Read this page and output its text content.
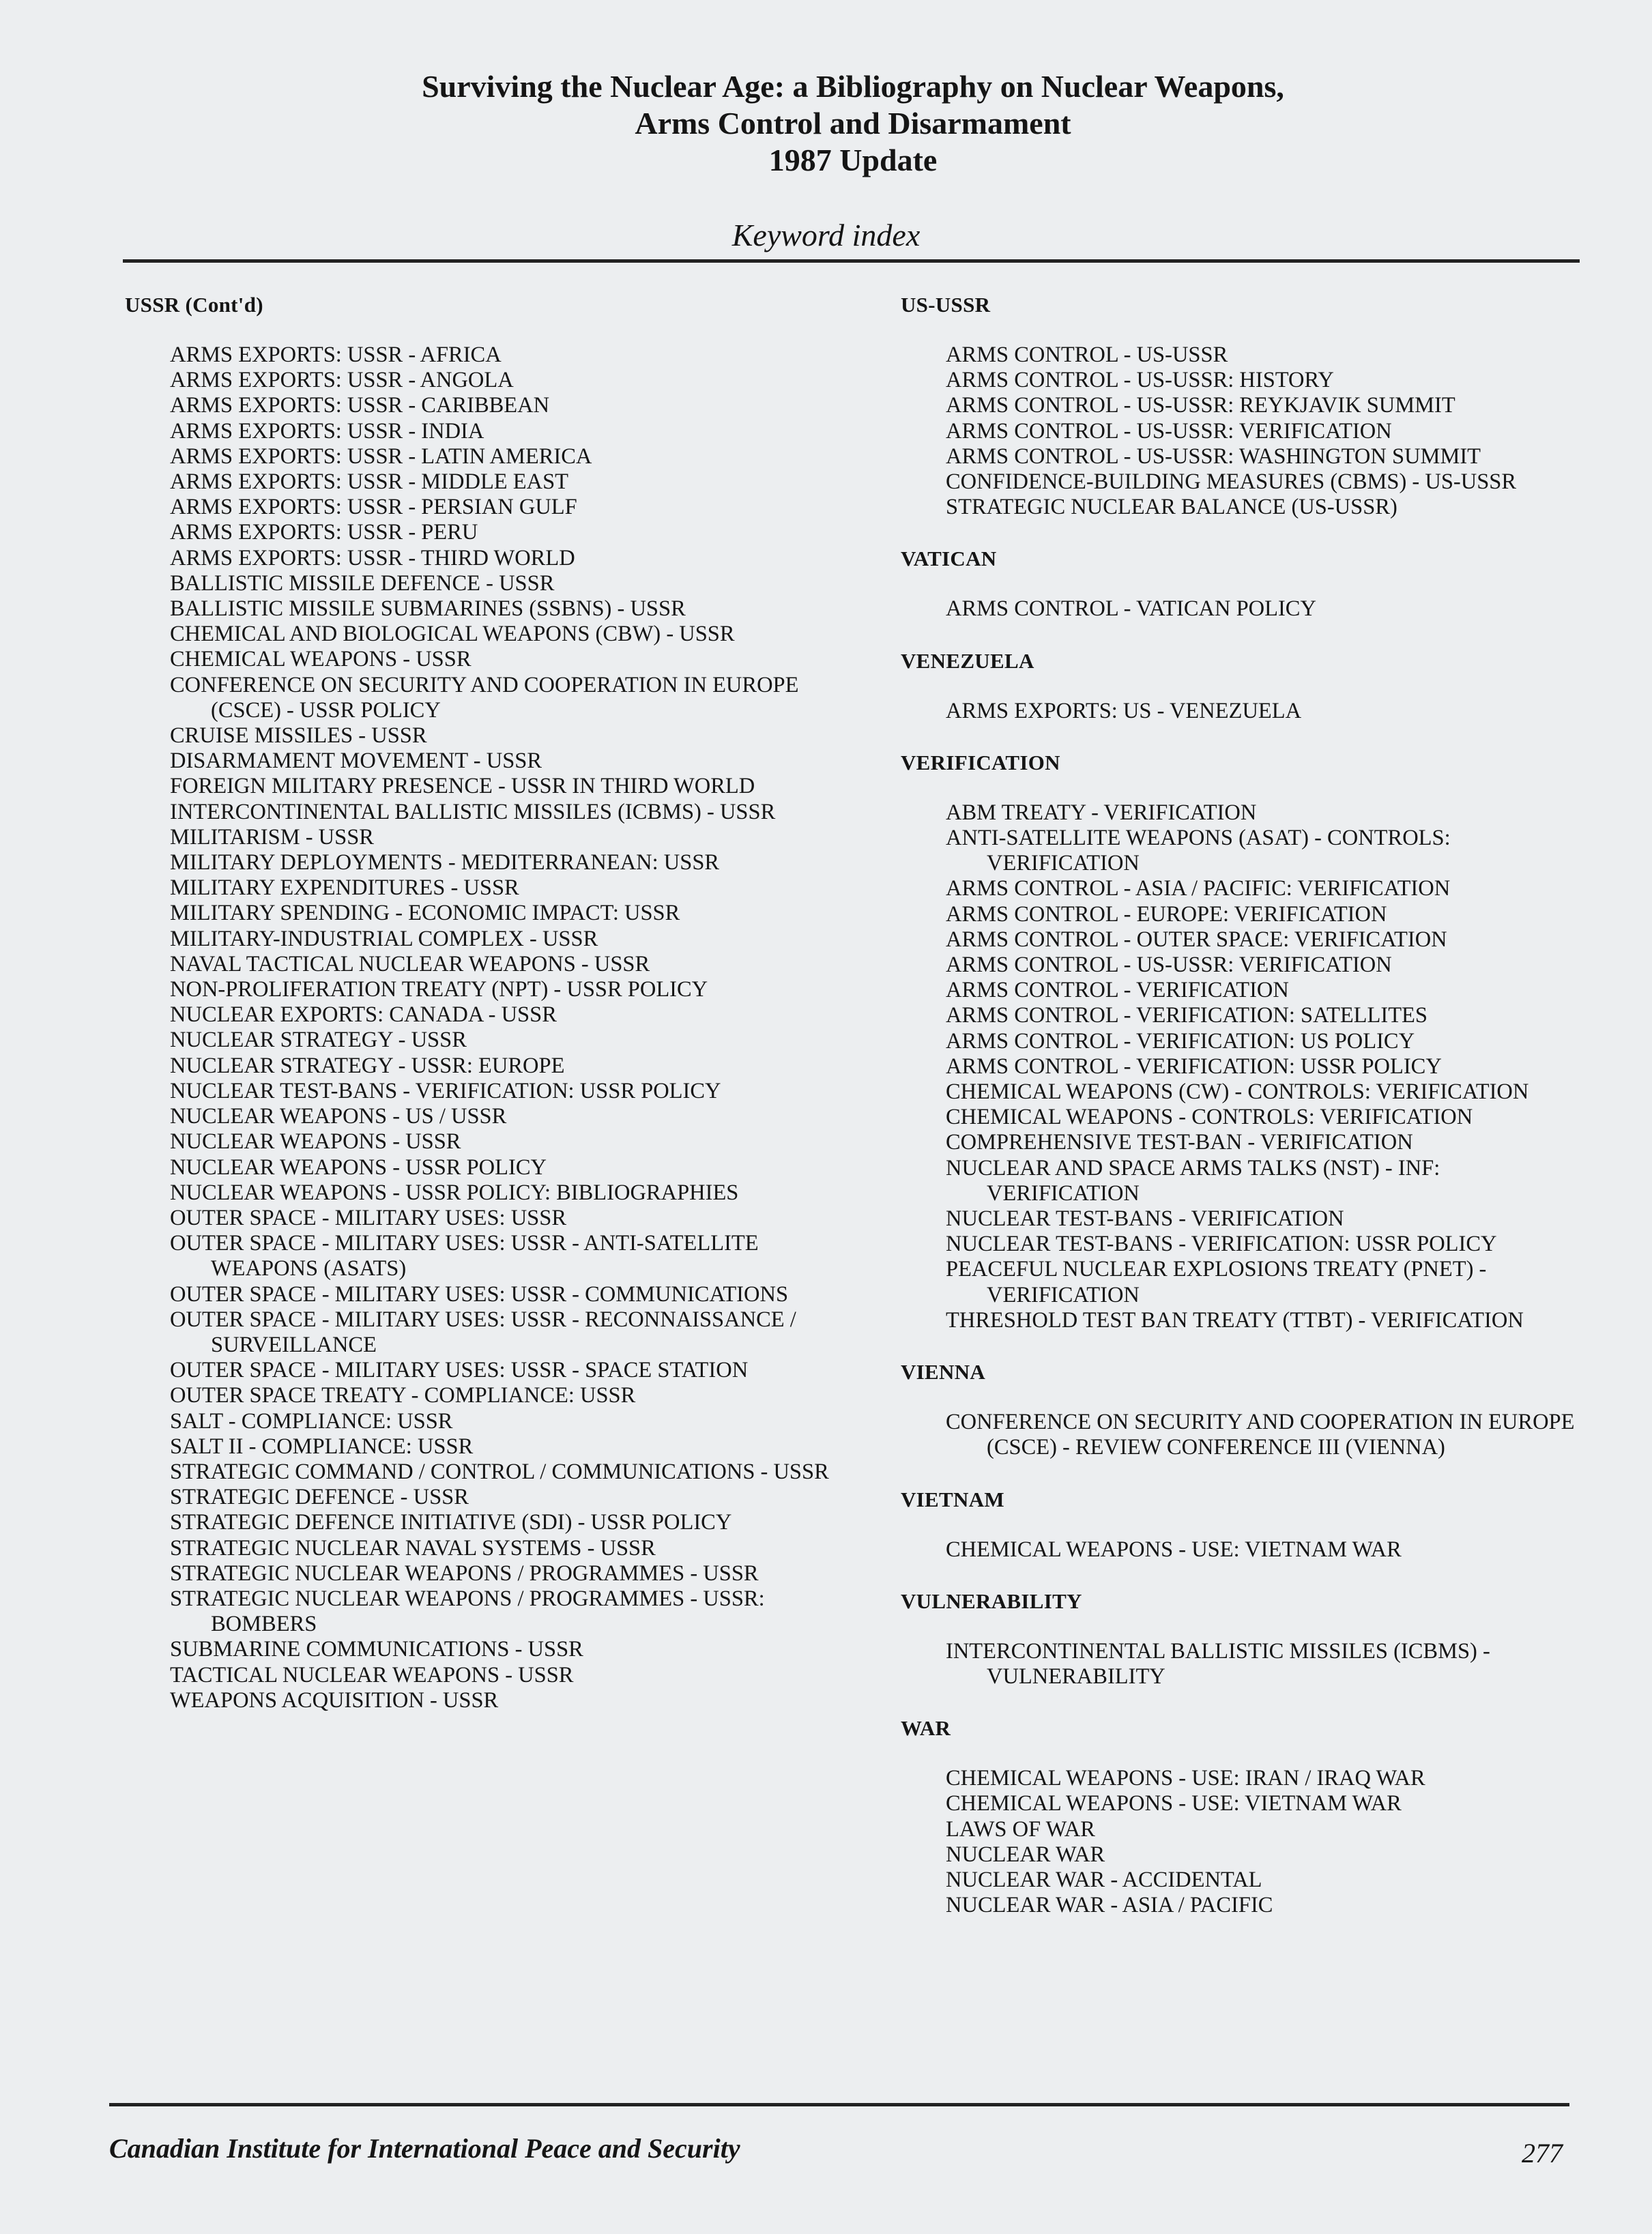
Surviving the Nuclear Age: a Bibliography on Nuclear Weapons,
Arms Control and Disarmament
1987 Update
Keyword index
USSR (Cont'd)
ARMS EXPORTS: USSR - AFRICA
ARMS EXPORTS: USSR - ANGOLA
ARMS EXPORTS: USSR - CARIBBEAN
ARMS EXPORTS: USSR - INDIA
ARMS EXPORTS: USSR - LATIN AMERICA
ARMS EXPORTS: USSR - MIDDLE EAST
ARMS EXPORTS: USSR - PERSIAN GULF
ARMS EXPORTS: USSR - PERU
ARMS EXPORTS: USSR - THIRD WORLD
BALLISTIC MISSILE DEFENCE - USSR
BALLISTIC MISSILE SUBMARINES (SSBNS) - USSR
CHEMICAL AND BIOLOGICAL WEAPONS (CBW) - USSR
CHEMICAL WEAPONS - USSR
CONFERENCE ON SECURITY AND COOPERATION IN EUROPE (CSCE) - USSR POLICY
CRUISE MISSILES - USSR
DISARMAMENT MOVEMENT - USSR
FOREIGN MILITARY PRESENCE - USSR IN THIRD WORLD
INTERCONTINENTAL BALLISTIC MISSILES (ICBMS) - USSR
MILITARISM - USSR
MILITARY DEPLOYMENTS - MEDITERRANEAN: USSR
MILITARY EXPENDITURES - USSR
MILITARY SPENDING - ECONOMIC IMPACT: USSR
MILITARY-INDUSTRIAL COMPLEX - USSR
NAVAL TACTICAL NUCLEAR WEAPONS - USSR
NON-PROLIFERATION TREATY (NPT) - USSR POLICY
NUCLEAR EXPORTS: CANADA - USSR
NUCLEAR STRATEGY - USSR
NUCLEAR STRATEGY - USSR: EUROPE
NUCLEAR TEST-BANS - VERIFICATION: USSR POLICY
NUCLEAR WEAPONS - US / USSR
NUCLEAR WEAPONS - USSR
NUCLEAR WEAPONS - USSR POLICY
NUCLEAR WEAPONS - USSR POLICY: BIBLIOGRAPHIES
OUTER SPACE - MILITARY USES: USSR
OUTER SPACE - MILITARY USES: USSR - ANTI-SATELLITE WEAPONS (ASATS)
OUTER SPACE - MILITARY USES: USSR - COMMUNICATIONS
OUTER SPACE - MILITARY USES: USSR - RECONNAISSANCE / SURVEILLANCE
OUTER SPACE - MILITARY USES: USSR - SPACE STATION
OUTER SPACE TREATY - COMPLIANCE: USSR
SALT - COMPLIANCE: USSR
SALT II - COMPLIANCE: USSR
STRATEGIC COMMAND / CONTROL / COMMUNICATIONS - USSR
STRATEGIC DEFENCE - USSR
STRATEGIC DEFENCE INITIATIVE (SDI) - USSR POLICY
STRATEGIC NUCLEAR NAVAL SYSTEMS - USSR
STRATEGIC NUCLEAR WEAPONS / PROGRAMMES - USSR
STRATEGIC NUCLEAR WEAPONS / PROGRAMMES - USSR: BOMBERS
SUBMARINE COMMUNICATIONS - USSR
TACTICAL NUCLEAR WEAPONS - USSR
WEAPONS ACQUISITION - USSR
US-USSR
ARMS CONTROL - US-USSR
ARMS CONTROL - US-USSR: HISTORY
ARMS CONTROL - US-USSR: REYKJAVIK SUMMIT
ARMS CONTROL - US-USSR: VERIFICATION
ARMS CONTROL - US-USSR: WASHINGTON SUMMIT
CONFIDENCE-BUILDING MEASURES (CBMS) - US-USSR
STRATEGIC NUCLEAR BALANCE (US-USSR)
VATICAN
ARMS CONTROL - VATICAN POLICY
VENEZUELA
ARMS EXPORTS: US - VENEZUELA
VERIFICATION
ABM TREATY - VERIFICATION
ANTI-SATELLITE WEAPONS (ASAT) - CONTROLS: VERIFICATION
ARMS CONTROL - ASIA / PACIFIC: VERIFICATION
ARMS CONTROL - EUROPE: VERIFICATION
ARMS CONTROL - OUTER SPACE: VERIFICATION
ARMS CONTROL - US-USSR: VERIFICATION
ARMS CONTROL - VERIFICATION
ARMS CONTROL - VERIFICATION: SATELLITES
ARMS CONTROL - VERIFICATION: US POLICY
ARMS CONTROL - VERIFICATION: USSR POLICY
CHEMICAL WEAPONS (CW) - CONTROLS: VERIFICATION
CHEMICAL WEAPONS - CONTROLS: VERIFICATION
COMPREHENSIVE TEST-BAN - VERIFICATION
NUCLEAR AND SPACE ARMS TALKS (NST) - INF: VERIFICATION
NUCLEAR TEST-BANS - VERIFICATION
NUCLEAR TEST-BANS - VERIFICATION: USSR POLICY
PEACEFUL NUCLEAR EXPLOSIONS TREATY (PNET) - VERIFICATION
THRESHOLD TEST BAN TREATY (TTBT) - VERIFICATION
VIENNA
CONFERENCE ON SECURITY AND COOPERATION IN EUROPE (CSCE) - REVIEW CONFERENCE III (VIENNA)
VIETNAM
CHEMICAL WEAPONS - USE: VIETNAM WAR
VULNERABILITY
INTERCONTINENTAL BALLISTIC MISSILES (ICBMS) - VULNERABILITY
WAR
CHEMICAL WEAPONS - USE: IRAN / IRAQ WAR
CHEMICAL WEAPONS - USE: VIETNAM WAR
LAWS OF WAR
NUCLEAR WAR
NUCLEAR WAR - ACCIDENTAL
NUCLEAR WAR - ASIA / PACIFIC
Canadian Institute for International Peace and Security	277
